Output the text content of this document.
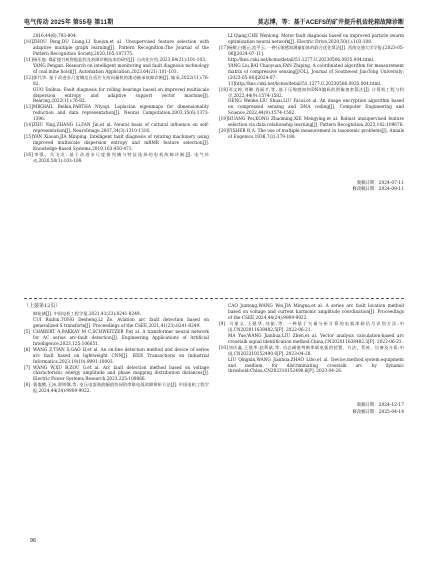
电气传动 2025年 第55卷 第11期	莫志博，等：基于ACEFS的矿井提升机齿轮箱故障诊断

2016,44(6):793-804.

[10]ZHOU Peng,DU Liang,LI Xuejun,et al. Unsupervised feature selection with adaptive multiple graph learning[J]. Pattern Recognition:The Journal of the Pattern Recognition Society,2020,105:107375.

[11]杨乐地. 煤矿提升机智能监控及故障诊断技术的研究[J]. 自动化应用,2023,64(21):101-103.

YANG Pengan. Research on intelligent monitoring and fault diagnosis technology of coal mine hoist[J]. Automation Application,2023,64(21):101-103.

[12]郭代华. 基于改进多尺度熵及自适应支持向量机的滚动轴承故障诊断[J]. 轴承,2022(11):76-82.

GUO Daihua. Fault diagnosis for rolling bearings based on improved multiscale dispersion entropy and adaptive support vector machine[J]. Bearing,2022(11):76-82.

[13]MIKHAIL Belkin,PARTHA Niyogi. Laplacian eigenmaps for dimensionality reduction and data representation[J]. Neural Computation,2003,15(6):1373-1396.

[14]ZHU Ying,ZHANG Li,FAN Jin,et al. Neural basis of cultural influence on self-representation[J]. NeuroImage,2007,34(3):1310-1316.

[15]YAN Xiaoan,JIA Minping. Intelligent fault diagnosis of rotating machinery using improved multiscale dispersion entropy and mRMR feature selection[J]. Knowledge-Based Systems,2019,163:450-471.

[16]李强，关飞龙. 基于改进多尺度排列熵与特征选择的电机故障诊断[J]. 电气传动,2020,50(1):103-108.

LI Qiang,CHE Wenlong. Motor fault diagnosis based on improved particle swarm optimization neural network[J]. Electric Drive,2020,50(1):103-108.

[17]杨柳,白朝元,范平云. 一种压缩感知测量矩阵的联合优化算法[J]. 西南交通大学学报:[2023-05-06][2024-07-11]. http://kns.cnki.net/kcms/detail/51.1277.U.20230506.0935.004.html.

YANG Liu,BAI Chaoyuan,FAN Zhiping. A coordinated algorithm for measurement matrix of compressive sensing[J/OL]. Journal of Southwest JiaoTong University:(2023-05-06)[2024-07-11]http://kns.cnki.net/kcms/detail/51.1277.U.20230506.0935.004.html.

[18]邓文婷,刘琳,刘福才,等. 基于压缩感知和DNA编码的图像加密算法[J]. 计算机工程与科学,2022,44(9):1574-1582.

DENG Wenke,LIU Shuai,LIU Facai,et al. An image encryption algorithm based on compressed sensing and DNA coding[J]. Computer Engineering and Science,2022,44(9):1574-1582.

[19]HUANG Pei,KONG Zhaoming,XIE Mengying,et al. Robust unsupervised feature selection via data relationship learning[J]. Pattern Recognition,2023,142:109676.

[20]FISHER R A. The use of multiple measurement in taxonomic problems[J]. Annals of Eugenics,1936,7(2):179-188.

收稿日期：2024-07-11
修改稿日期：2024-09-11

（上接第12页）

障检测[J]. 中国电机工程学报,2021,41(23):8241-8249.

CUI Ruibin,TONG Desheng,LI Ze. Aviation arc fault detection based on generalized S transform[J]. Proceedings of the CSEE,2021,41(23):8241-8249.

[5] CHABERT A,BAKKAY M C,SCHWEITZER P,et al. A transformer neural network for AC series arc-fault detection[J]. Engineering Applications of Artificial Intelligence,2023,125:106651.

[6] WANG Z,TIAN S,GAO H,et al. An on-line detection method and device of series arc fault based on lightweight CNN[J]. IEEE Transactions on Industrial Informatics,2023,19(10):9991-10003.

[7] WANG W,XU B,ZOU G,et al. Arc fault detection method based on voltage characteristic energy amplitude and phase mapping distribution distances[J]. Electric Power Systems Research,2023,225:109866.

[8] 曹俊腾,王沛,贾明娜,等. 电压电流谐波幅值协同的串联电弧故障辨析方法[J]. 中国电机工程学报,2024,44(24):9909-9922.

CAO Junteng,WANG Wei,JIA Mingna,et al. A series arc fault location method based on voltage and current harmonic amplitude coordination[J]. Proceedings of the CSEE,2024,44(24):9909-9922.

[9] 马建文,王建华,刘振,等. 一种基于矢量分析计算的电弧串联信号识别方法:中国,CN202011638482.5[P]. 2022-06-21.

MA Yue,WANG Jianhua,LIU Zhen,et al. Vector analysis calculation-based arc crosstalk signal identification method:China,CN202011638482.5[P]. 2022-06-21.

[10]刘庆鑫,王建华,赵利斌,等. 动态阈值判断串联电弧的装置、方法、系统、设备及介质:中国,CN202310152490.6[P]. 2023-04-28.

LIU Qingxin,WANG Jianhua,ZHAO Libo,et al. Device,method,system,equipment and medium for discriminating crosstalk arc by dynamic threshold:China,CN202310152490.6[P]. 2023-04-28.

收稿日期：2024-12-17
修改稿日期：2025-04-14
96
